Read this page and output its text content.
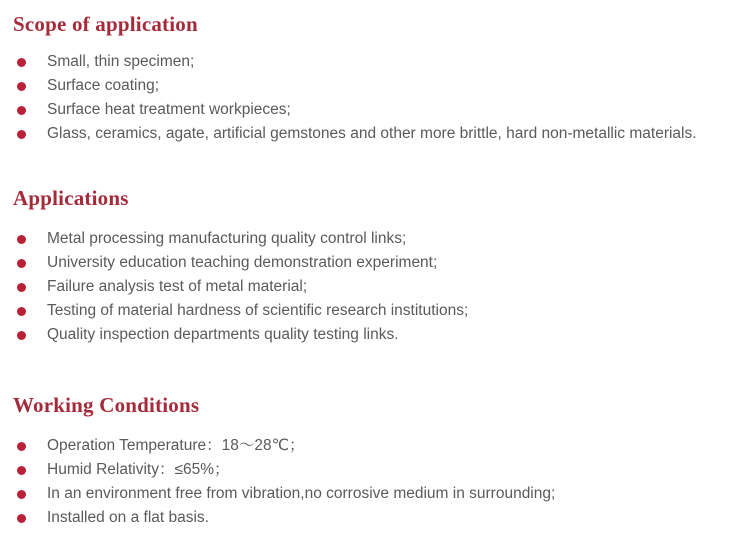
Scope of application
Small, thin specimen;
Surface coating;
Surface heat treatment workpieces;
Glass, ceramics, agate, artificial gemstones and other more brittle, hard non-metallic materials.
Applications
Metal processing manufacturing quality control links;
University education teaching demonstration experiment;
Failure analysis test of metal material;
Testing of material hardness of scientific research institutions;
Quality inspection departments quality testing links.
Working Conditions
Operation Temperature：18～28℃；
Humid Relativity：≤65%；
In an environment free from vibration,no corrosive medium in surrounding;
Installed on a flat basis.
